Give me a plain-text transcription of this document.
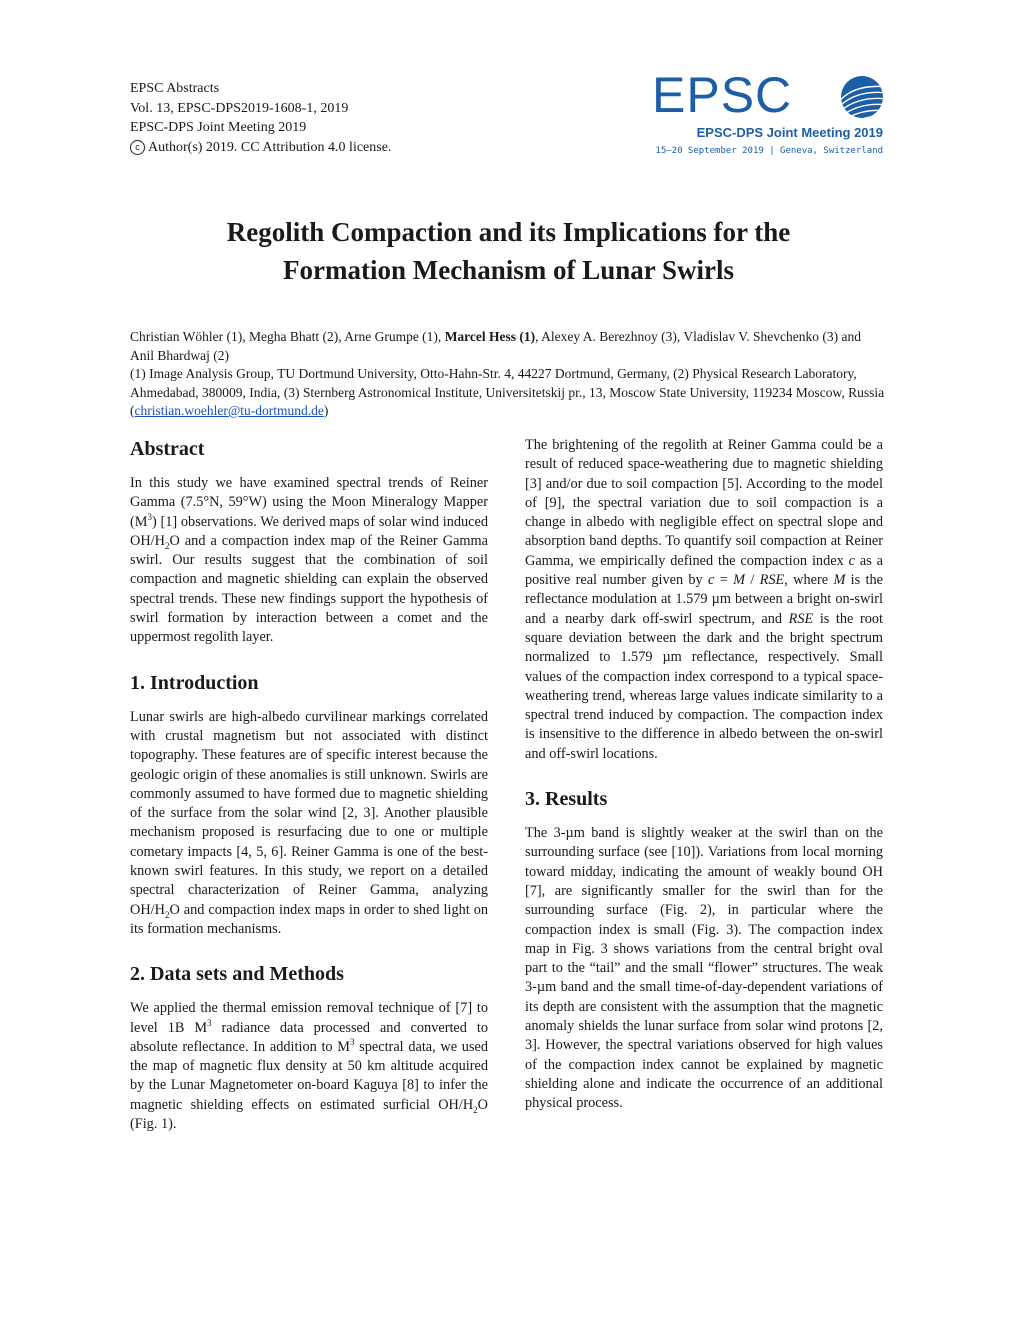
EPSC Abstracts
Vol. 13, EPSC-DPS2019-1608-1, 2019
EPSC-DPS Joint Meeting 2019
c Author(s) 2019. CC Attribution 4.0 license.
EPSC
EPSC-DPS Joint Meeting 2019
15–20 September 2019 | Geneva, Switzerland
Regolith Compaction and its Implications for the
Formation Mechanism of Lunar Swirls
Christian Wöhler (1), Megha Bhatt (2), Arne Grumpe (1), Marcel Hess (1), Alexey A. Berezhnoy (3), Vladislav V. Shevchenko (3) and Anil Bhardwaj (2)
(1) Image Analysis Group, TU Dortmund University, Otto-Hahn-Str. 4, 44227 Dortmund, Germany, (2) Physical Research Laboratory, Ahmedabad, 380009, India, (3) Sternberg Astronomical Institute, Universitetskij pr., 13, Moscow State University, 119234 Moscow, Russia (christian.woehler@tu-dortmund.de)
Abstract

In this study we have examined spectral trends of Reiner Gamma (7.5°N, 59°W) using the Moon Mineralogy Mapper $(M^3)$ [1] observations. We derived maps of solar wind induced $OH/H_2O$ and a compaction index map of the Reiner Gamma swirl. Our results suggest that the combination of soil compaction and magnetic shielding can explain the observed spectral trends. These new findings support the hypothesis of swirl formation by interaction between a comet and the uppermost regolith layer.

1. Introduction

Lunar swirls are high-albedo curvilinear markings correlated with crustal magnetism but not associated with distinct topography. These features are of specific interest because the geologic origin of these anomalies is still unknown. Swirls are commonly assumed to have formed due to magnetic shielding of the surface from the solar wind [2, 3]. Another plausible mechanism proposed is resurfacing due to one or multiple cometary impacts [4, 5, 6]. Reiner Gamma is one of the best-known swirl features. In this study, we report on a detailed spectral characterization of Reiner Gamma, analyzing $OH/H_2O$ and compaction index maps in order to shed light on its formation mechanisms.

2. Data sets and Methods

We applied the thermal emission removal technique of [7] to level 1B $M^3$ radiance data processed and converted to absolute reflectance. In addition to $M^3$ spectral data, we used the map of magnetic flux density at 50 km altitude acquired by the Lunar Magnetometer on-board Kaguya [8] to infer the magnetic shielding effects on estimated surficial $OH/H_2O$ (Fig. 1).

The brightening of the regolith at Reiner Gamma could be a result of reduced space-weathering due to magnetic shielding [3] and/or due to soil compaction [5]. According to the model of [9], the spectral variation due to soil compaction is a change in albedo with negligible effect on spectral slope and absorption band depths. To quantify soil compaction at Reiner Gamma, we empirically defined the compaction index c as a positive real number given by c = M / RSE, where M is the reflectance modulation at 1.579 µm between a bright on-swirl and a nearby dark off-swirl spectrum, and RSE is the root square deviation between the dark and the bright spectrum normalized to 1.579 µm reflectance, respectively. Small values of the compaction index correspond to a typical space-weathering trend, whereas large values indicate similarity to a spectral trend induced by compaction. The compaction index is insensitive to the difference in albedo between the on-swirl and off-swirl locations.

3. Results

The 3-µm band is slightly weaker at the swirl than on the surrounding surface (see [10]). Variations from local morning toward midday, indicating the amount of weakly bound OH [7], are significantly smaller for the swirl than for the surrounding surface (Fig. 2), in particular where the compaction index is small (Fig. 3). The compaction index map in Fig. 3 shows variations from the central bright oval part to the “tail” and the small “flower” structures. The weak 3-µm band and the small time-of-day-dependent variations of its depth are consistent with the assumption that the magnetic anomaly shields the lunar surface from solar wind protons [2, 3]. However, the spectral variations observed for high values of the compaction index cannot be explained by magnetic shielding alone and indicate the occurrence of an additional physical process.
